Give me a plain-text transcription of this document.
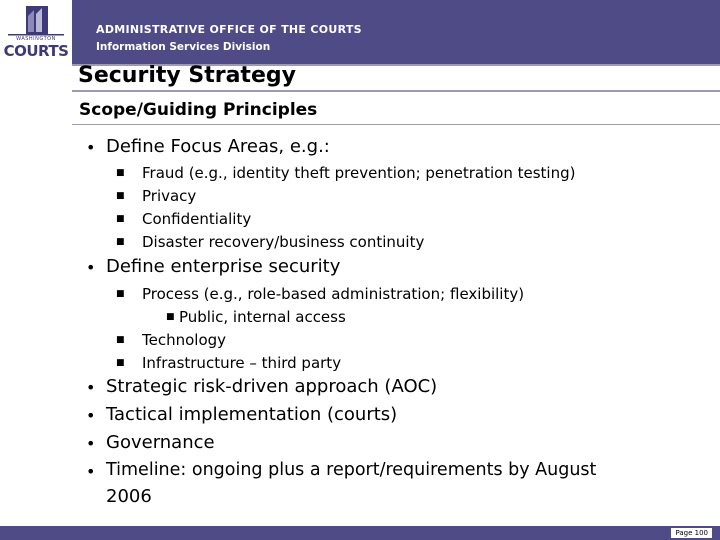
WASHINGTON
COURTS
ADMINISTRATIVE OFFICE OF THE COURTS
Information Services Division
Security Strategy
Scope/Guiding Principles
• Define Focus Areas, e.g.:
■ Fraud (e.g., identity theft prevention; penetration testing)
■ Privacy
■ Confidentiality
■ Disaster recovery/business continuity
• Define enterprise security
■ Process (e.g., role-based administration; flexibility)
■ Public, internal access
■ Technology
■ Infrastructure – third party
• Strategic risk-driven approach (AOC)
• Tactical implementation (courts)
• Governance
• Timeline: ongoing plus a report/requirements by August
2006
Page 100
